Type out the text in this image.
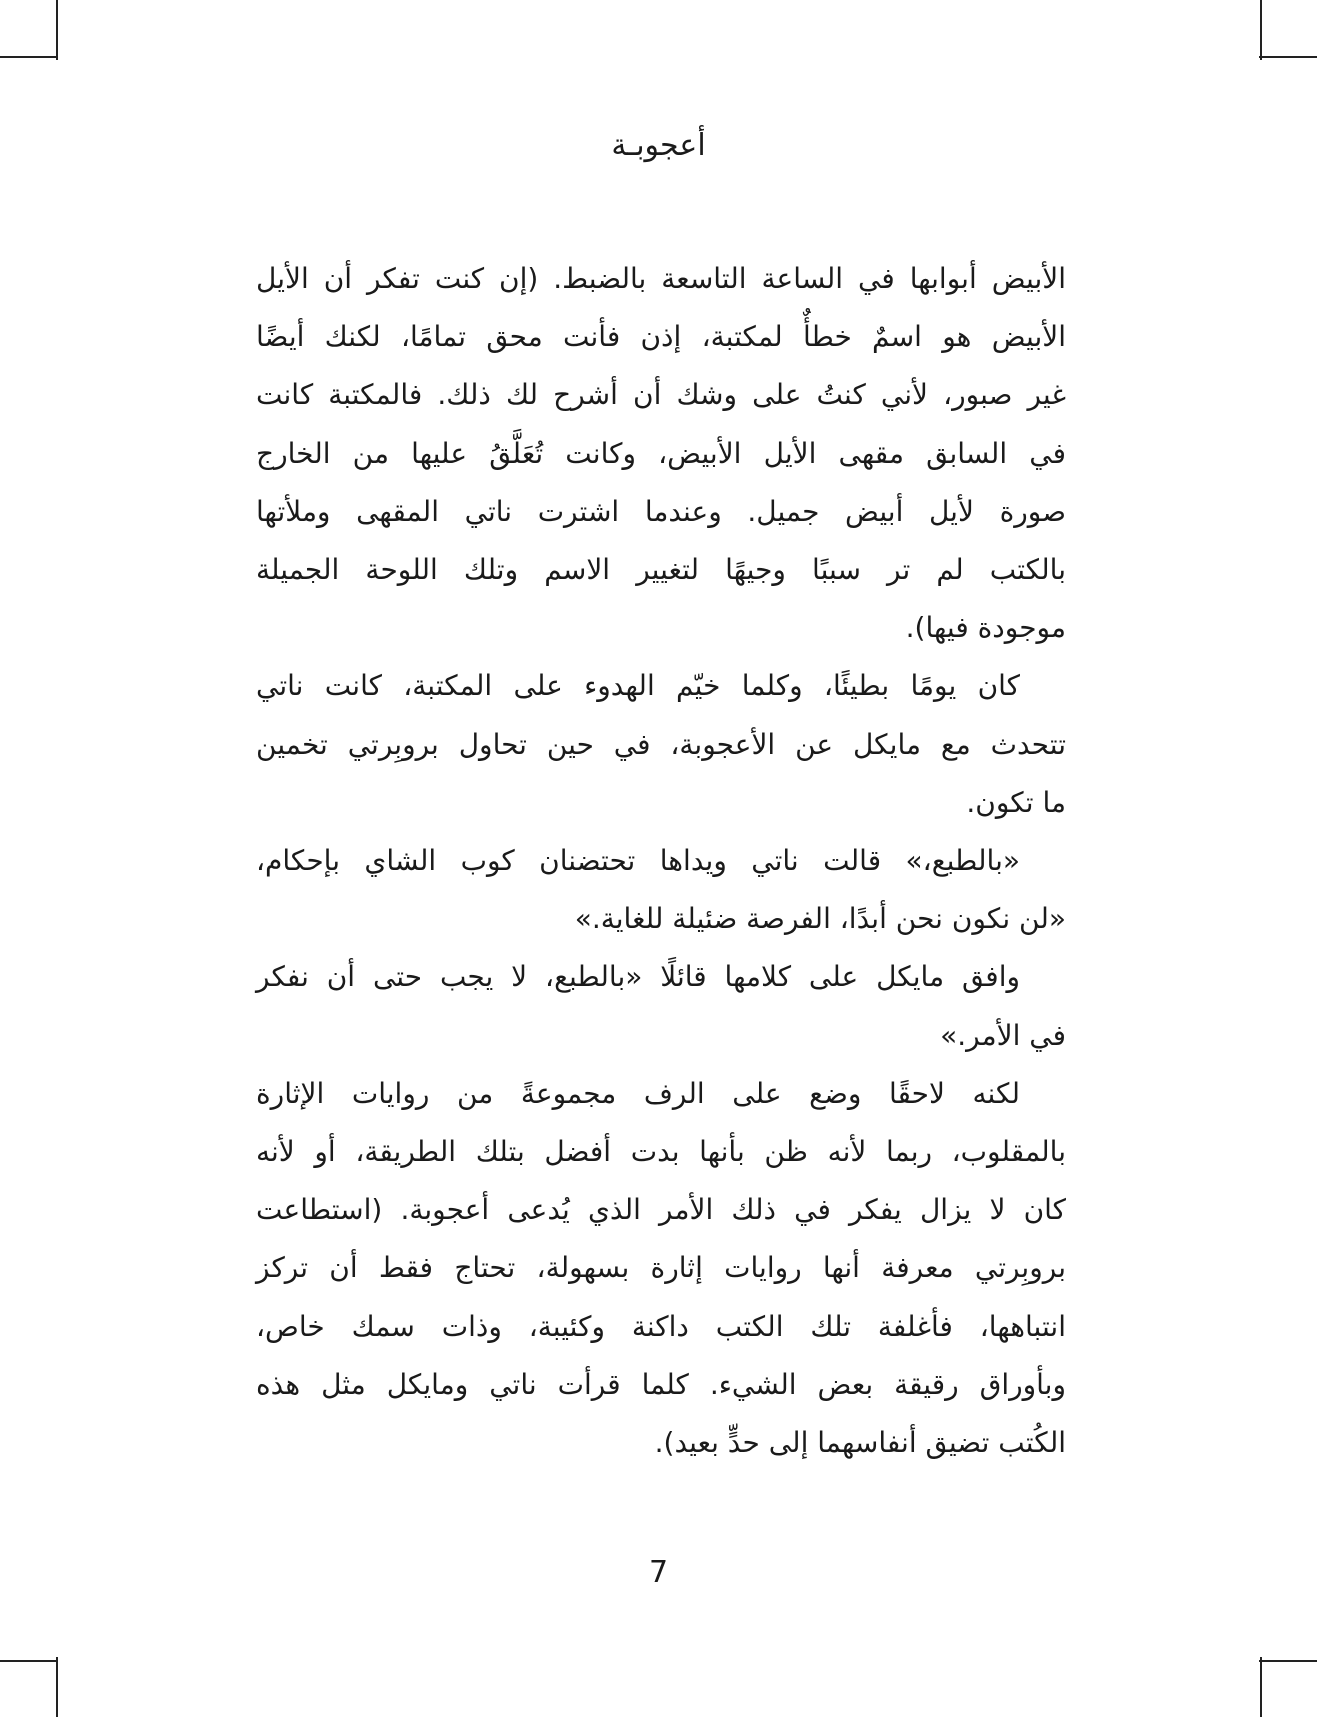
أعجوبـة

الأبيض أبوابها في الساعة التاسعة بالضبط. (إن كنت تفكر أن الأيل
الأبيض هو اسمٌ خطأٌ لمكتبة، إذن فأنت محق تمامًا، لكنك أيضًا
غير صبور، لأني كنتُ على وشك أن أشرح لك ذلك. فالمكتبة كانت
في السابق مقهى الأيل الأبيض، وكانت تُعَلَّقُ عليها من الخارج
صورة لأيل أبيض جميل. وعندما اشترت ناتي المقهى وملأتها
بالكتب لم تر سببًا وجيهًا لتغيير الاسم وتلك اللوحة الجميلة
موجودة فيها).

كان يومًا بطيئًا، وكلما خيّم الهدوء على المكتبة، كانت ناتي
تتحدث مع مايكل عن الأعجوبة، في حين تحاول بروبِرتي تخمين
ما تكون.

«بالطبع،» قالت ناتي ويداها تحتضنان كوب الشاي بإحكام،
«لن نكون نحن أبدًا، الفرصة ضئيلة للغاية.»

وافق مايكل على كلامها قائلًا «بالطبع، لا يجب حتى أن نفكر
في الأمر.»

لكنه لاحقًا وضع على الرف مجموعةً من روايات الإثارة
بالمقلوب، ربما لأنه ظن بأنها بدت أفضل بتلك الطريقة، أو لأنه
كان لا يزال يفكر في ذلك الأمر الذي يُدعى أعجوبة. (استطاعت
بروبِرتي معرفة أنها روايات إثارة بسهولة، تحتاج فقط أن تركز
انتباهها، فأغلفة تلك الكتب داكنة وكئيبة، وذات سمك خاص،
وبأوراق رقيقة بعض الشيء. كلما قرأت ناتي ومايكل مثل هذه
الكُتب تضيق أنفاسهما إلى حدٍّ بعيد).

7
